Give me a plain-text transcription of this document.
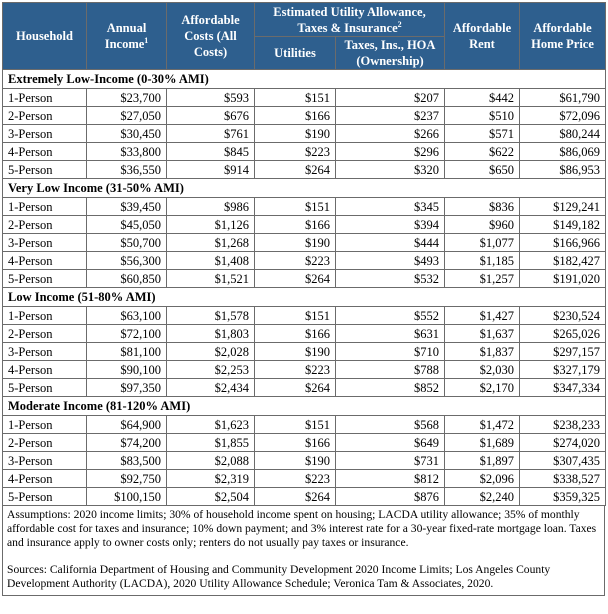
Household	Annual Income$^1$	Affordable Costs (All Costs)	Estimated Utility Allowance, Taxes & Insurance$^2$		Affordable Rent	Affordable Home Price
			Utilities	Taxes, Ins., HOA (Ownership)		
Extremely Low-Income (0-30% AMI)						
1-Person	$23,700	$593	$151	$207	$442	$61,790
2-Person	$27,050	$676	$166	$237	$510	$72,096
3-Person	$30,450	$761	$190	$266	$571	$80,244
4-Person	$33,800	$845	$223	$296	$622	$86,069
5-Person	$36,550	$914	$264	$320	$650	$86,953
Very Low Income (31-50% AMI)						
1-Person	$39,450	$986	$151	$345	$836	$129,241
2-Person	$45,050	$1,126	$166	$394	$960	$149,182
3-Person	$50,700	$1,268	$190	$444	$1,077	$166,966
4-Person	$56,300	$1,408	$223	$493	$1,185	$182,427
5-Person	$60,850	$1,521	$264	$532	$1,257	$191,020
Low Income (51-80% AMI)						
1-Person	$63,100	$1,578	$151	$552	$1,427	$230,524
2-Person	$72,100	$1,803	$166	$631	$1,637	$265,026
3-Person	$81,100	$2,028	$190	$710	$1,837	$297,157
4-Person	$90,100	$2,253	$223	$788	$2,030	$327,179
5-Person	$97,350	$2,434	$264	$852	$2,170	$347,334
Moderate Income (81-120% AMI)						
1-Person	$64,900	$1,623	$151	$568	$1,472	$238,233
2-Person	$74,200	$1,855	$166	$649	$1,689	$274,020
3-Person	$83,500	$2,088	$190	$731	$1,897	$307,435
4-Person	$92,750	$2,319	$223	$812	$2,096	$338,527
5-Person	$100,150	$2,504	$264	$876	$2,240	$359,325

Assumptions: 2020 income limits; 30% of household income spent on housing; LACDA utility allowance; 35% of monthly affordable cost for taxes and insurance; 10% down payment; and 3% interest rate for a 30-year fixed-rate mortgage loan. Taxes and insurance apply to owner costs only; renters do not usually pay taxes or insurance.

Sources: California Department of Housing and Community Development 2020 Income Limits; Los Angeles County Development Authority (LACDA), 2020 Utility Allowance Schedule; Veronica Tam & Associates, 2020.
